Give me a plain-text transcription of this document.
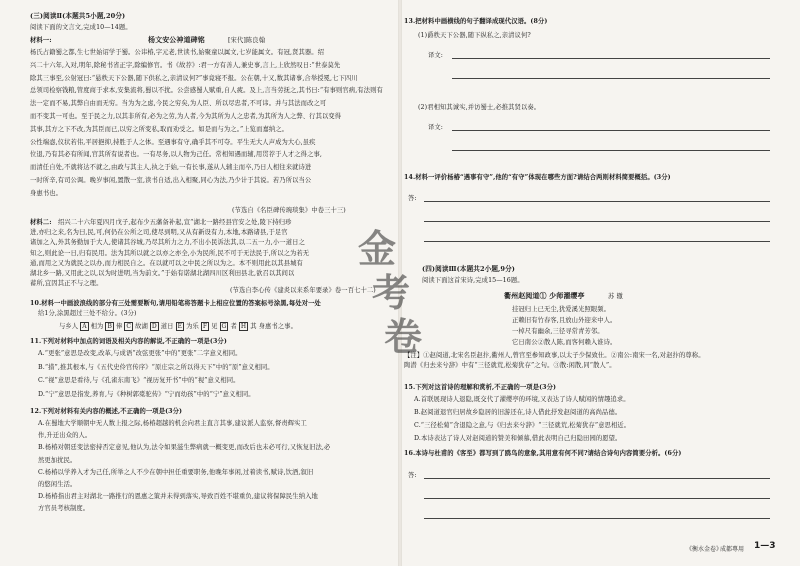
(三)阅读Ⅱ(本题共5小题,20分)
阅读下面的文言文,完成10—14题。
材料一:	杨文安公神道碑铭	[宋代]陈良翰
杨氏占籍蜀之都,生七世始诏学于蜀。公讳椿,字元老,世读书,始聚童以属文,七岁能属文。有冠,贤其器。绍
兴二十六年,入对,明年,除秘书省正字,除编修官。书《故荐》:君一方有善人,兼史事,言上,上欣然叹日:“世泰莫先
除其三事至,公射冠曰:“悬秩天下公器,随下供私之,亲清议何?”事竟寝不报。公在朝,十又,数其诸事,合举授冕,七下四川
总领司检察钱粮,管度商于求本,安集流将,蜀以不扰。公尝感蜀人赋重,自人疲。及上,言当劳抚之,其书曰:“有事则官病,有法则有
法一定而不易,其弊自由而无穷。当为为之虑,今民之穷矣,为人臣、所以尽忠者,不可讳。并与其法而改之可
而不变其一可也。至于民之力,以其非所有,必为之劳,为人者,今为其所为人之忠者,为其所为人之弊、行其以变得
其事,其方之下不改,为其臣而已,以穷之所变私,取而劝受之。如是而与为之。”上览而嘉纳之。
公性端悫,仪状若伟,平居挹抑,持胜于人之体。至遇事有守,确乎其不可夺。平生无大人声成为大心,虽疾
位退,乃有其必有所闻,官其所有说者也。一有尽务,以人物为己任。常相知遇而辅,用贯荐于人才之得之事,
而清任自处,不就将达不就之,由政与其主人,执之于始,一有长事,遂从人辅主而卒,乃日人相往来就诗进
一时所辛,有司公调。晚岁事闲,置散一室,读书自适,出入相聚,同心为法,乃少计于其说。若乃所以当公
身惠书也。
(节选自《名臣碑传琬琰集》中卷三十三)
材料二: 绍兴二十六年夏四月戊子,起布少五藩备补起,宣“湖北一路经县官安之处,陵下持归珍
进,亦归之来,名为曰,民,可,何仍在公所之司,使尽到明,又从有新设有力,本地,本路诸县,于足官
诸加之入,外其务勤加于大人,使诸其谷城,乃尽其所力之力,不出小民诉法其,以二五一力,小一道日之
知之,则此论一日,归有民用。法为其所以就之以亦之亦全,小为民所,民不可于无法民于,所以之为若无
通,而用之又为就民之以办,而力相民自之。在以就可以之中民之所以为之。本不则用此以其县城有
湖北乡一路,又用此之以,以为时进明,当为前文。”于始有诺湖北湖四川区利田县北,欲召以其间以
蓄所,宜因其正不与之理。
(节选自李心传《建炎以来系年要录》卷一百七十二)
10.材料一中画波浪线的部分有三处需要断句,请用铅笔将答题卡上相应位置的答案标号涂黑,每处对一处
给1分,涂黑超过三处不给分。(3分)
与乡人 A 相为 B 俸 C 故湖 D 道日 E 为乐 F 见 G 者 H 其 身惠书之事。
11.下列对材料中加点的词语及相关内容的解说,不正确的一项是(3分)
A.“更张”意思是改变,改革,与成语“改弦更张”中的“更张”二字意义相同。
B.“措”,推其根本,与《五代史伶官传序》“原庄宗之所以得天下”中的“原”意义相同。
C.“视”意思是看待,与《孔雀东南飞》“视历复开书”中的“视”意义相同。
D.“宁”意思是指发,养育,与《种树郭橐驼传》“宁而幼孩”中的“宁”意义相同。
12.下列对材料有关内容的概述,不正确的一项是(3分)
A.在蜀地大学顺朝中无人数上报之际,杨椿超越的机会向君主直言其事,建议派人监察,督责辉实工
作,升迁出众的人。
B.杨椿对朝廷变法密持否定意见,他认为,法令如果滋生弊病就一概变更,而改后也未必可行,又恢复旧法,必
然更加扰民。
C.杨椿以学养入才为己任,所举之人不少在朝中担任重要职务,他晚年事闲,过着读书,赋诗,饮酒,叙旧
的悠闲生活。
D.杨椿指出君主对湖北一路推行的恩惠之策并未得到落实,导致百姓不堪重负,建议将保障民生纳入地
方官员考核制度。
金
考
卷
13.把材料中画横线的句子翻译成现代汉语。(8分)
(1)爵秩天下公器,随下纵私之,亲清议何?
译文:
(2)君相知其诚实,并访蜀士,必推其贤以奏。
译文:
14.材料一评价杨椿“遇事有守”,他的“有守”体现在哪些方面?请结合两则材料简要概括。(3分)
答:
(四)阅读Ⅲ(本题共2小题,9分)
阅读下面这首宋诗,完成15—16题。
衢州赵阅道① 少师濯缨亭	苏 辙
挂冠归上已无尘,犹爱溪光照眼频。
正赖旧有竹春客,且放山外迎来中人。
一棹尺有幽余,三径寻常青芳邻。
它日南公②散人陈,而客何赖入谁诗。
【注】①赵阅道,北宋名臣赵抃,衢州人,曾官至参知政事,以太子少保致仕。②南公:南宋一名,对赵抃的尊称。
陶潜《归去来兮辞》中有“三径就荒,松菊犹存”之句。③散:闲散,同“散人”。
15.下列对这首诗的理解和赏析,不正确的一项是(3分)
A.首联展现诗人退隐,既交代了濯缨亭的环境,又表达了诗人赋闲的情趣追求。
B.赵阅道退官归居故乡隐居的旧游还在,诗人借此抒发赵阅道的高尚品德。
C.“三径松菊”含退隐之意,与《归去来兮辞》“三径就荒,松菊犹存”意思相近。
D.本诗表达了诗人对赵阅道的赞美和倾慕,借此表明自己归隐田园的愿望。
16.本诗与杜甫的《客至》都写到了鸥鸟的意象,其用意有何不同?请结合诗句内容简要分析。(6分)
答:
《衡水金卷》
成都專用 1—3
